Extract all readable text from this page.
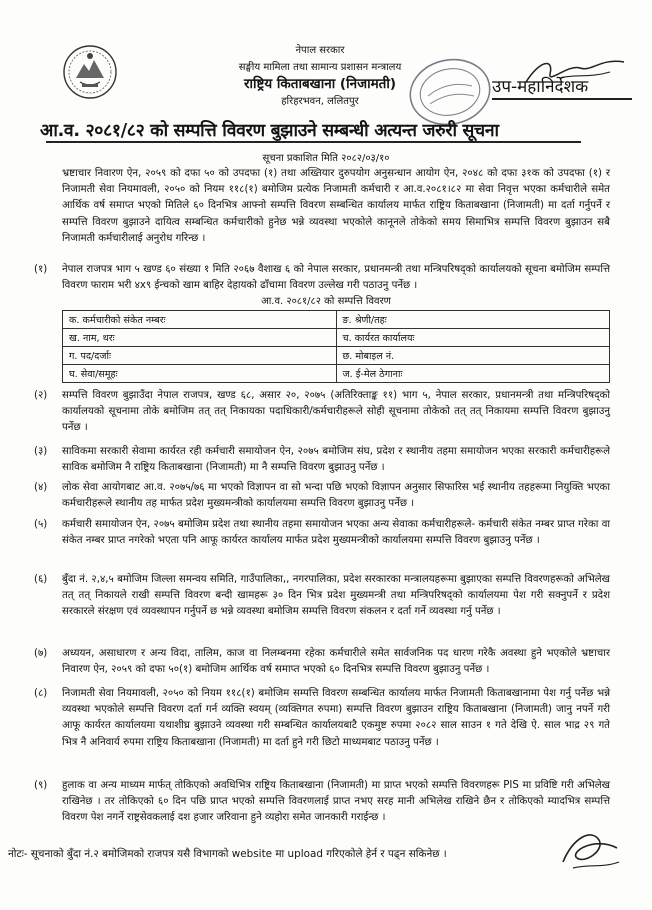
नेपाल सरकार
सङ्घीय मामिला तथा सामान्य प्रशासन मन्त्रालय
राष्ट्रिय किताबखाना (निजामती)
हरिहरभवन, ललितपुर
उप-महानिर्देशक
आ.व. २०८१/८२ को सम्पत्ति विवरण बुझाउने सम्बन्धी अत्यन्त जरुरी सूचना
सूचना प्रकाशित मिति २०८२/०३/१०
भ्रष्टाचार निवारण ऐन, २०५९ को दफा ५० को उपदफा (१) तथा अख्तियार दुरुपयोग अनुसन्धान आयोग ऐन, २०४८ को दफा ३१क को उपदफा (१) र निजामती सेवा नियमावली, २०५० को नियम ११८(१) बमोजिम प्रत्येक निजामती कर्मचारी र आ.व.२०८१।८२ मा सेवा निवृत्त भएका कर्मचारीले समेत आर्थिक वर्ष समाप्त भएको मितिले ६० दिनभित्र आफ्नो सम्पत्ति विवरण सम्बन्धित कार्यालय मार्फत राष्ट्रिय किताबखाना (निजामती) मा दर्ता गर्नुपर्ने र सम्पत्ति विवरण बुझाउने दायित्व सम्बन्धित कर्मचारीको हुनेछ भन्ने व्यवस्था भएकोले कानूनले तोकेको समय सिमाभित्र सम्पत्ति विवरण बुझाउन सबै निजामती कर्मचारीलाई अनुरोध गरिन्छ ।
(१) नेपाल राजपत्र भाग ५ खण्ड ६० संख्या १ मिति २०६७ वैशाख ६ को नेपाल सरकार, प्रधानमन्त्री तथा मन्त्रिपरिषद्को कार्यालयको सूचना बमोजिम सम्पत्ति विवरण फाराम भरी ४x९ ईन्चको खाम बाहिर देहायको ढाँचामा विवरण उल्लेख गरी पठाउनु पर्नेछ ।
आ.व. २०८१/८२ को सम्पत्ति विवरण
क. कर्मचारीको संकेत नम्बरः	ङ. श्रेणी/तहः
ख. नाम, थरः	च. कार्यरत कार्यालयः
ग. पद/दर्जाः	छ. मोबाइल नं.
घ. सेवा/समूहः	ज. ई-मेल ठेगानाः
(२) सम्पत्ति विवरण बुझाउँदा नेपाल राजपत्र, खण्ड ६८, असार २०, २०७५ (अतिरिक्ताङ्क ११) भाग ५, नेपाल सरकार, प्रधानमन्त्री तथा मन्त्रिपरिषद्को कार्यालयको सूचनामा तोके बमोजिम तत् तत् निकायका पदाधिकारी/कर्मचारीहरूले सोही सूचनामा तोकेको तत् तत् निकायमा सम्पत्ति विवरण बुझाउनु पर्नेछ ।
(३) साविकमा सरकारी सेवामा कार्यरत रही कर्मचारी समायोजन ऐन, २०७५ बमोजिम संघ, प्रदेश र स्थानीय तहमा समायोजन भएका सरकारी कर्मचारीहरूले साविक बमोजिम नै राष्ट्रिय किताबखाना (निजामती) मा नै सम्पत्ति विवरण बुझाउनु पर्नेछ ।
(४) लोक सेवा आयोगबाट आ.व. २०७५/७६ मा भएको विज्ञापन वा सो भन्दा पछि भएको विज्ञापन अनुसार सिफारिस भई स्थानीय तहहरूमा नियुक्ति भएका कर्मचारीहरूले स्थानीय तह मार्फत प्रदेश मुख्यमन्त्रीको कार्यालयमा सम्पत्ति विवरण बुझाउनु पर्नेछ ।
(५) कर्मचारी समायोजन ऐन, २०७५ बमोजिम प्रदेश तथा स्थानीय तहमा समायोजन भएका अन्य सेवाका कर्मचारीहरूले- कर्मचारी संकेत नम्बर प्राप्त गरेका वा संकेत नम्बर प्राप्त नगरेको भएता पनि आफू कार्यरत कार्यालय मार्फत प्रदेश मुख्यमन्त्रीको कार्यालयमा सम्पत्ति विवरण बुझाउनु पर्नेछ ।
(६) बुँदा नं. २,४,५ बमोजिम जिल्ला समन्वय समिति, गाउँपालिका,, नगरपालिका, प्रदेश सरकारका मन्त्रालयहरूमा बुझाएका सम्पत्ति विवरणहरूको अभिलेख तत् तत् निकायले राखी सम्पत्ति विवरण बन्दी खामहरू ३० दिन भित्र प्रदेश मुख्यमन्त्री तथा मन्त्रिपरिषद्को कार्यालयमा पेश गरी सक्नुपर्ने र प्रदेश सरकारले संरक्षण एवं व्यवस्थापन गर्नुपर्ने छ भन्ने व्यवस्था बमोजिम सम्पत्ति विवरण संकलन र दर्ता गर्ने व्यवस्था गर्नु पर्नेछ ।
(७) अध्ययन, असाधारण र अन्य विदा, तालिम, काज वा निलम्बनमा रहेका कर्मचारीले समेत सार्वजनिक पद धारण गरेकै अवस्था हुने भएकोले भ्रष्टाचार निवारण ऐन, २०५९ को दफा ५०(१) बमोजिम आर्थिक वर्ष समाप्त भएको ६० दिनभित्र सम्पत्ति विवरण बुझाउनु पर्नेछ ।
(८) निजामती सेवा नियमावली, २०५० को नियम ११८(१) बमोजिम सम्पत्ति विवरण सम्बन्धित कार्यालय मार्फत निजामती किताबखानामा पेश गर्नु पर्नेछ भन्ने व्यवस्था भएकोले सम्पत्ति विवरण दर्ता गर्न व्यक्ति स्वयम् (व्यक्तिगत रुपमा) सम्पत्ति विवरण बुझाउन राष्ट्रिय किताबखाना (निजामती) जानु नपर्ने गरी आफू कार्यरत कार्यालयमा यथाशीघ्र बुझाउने व्यवस्था गरी सम्बन्धित कार्यालयबाटै एकमुष्ट रुपमा २०८२ साल साउन १ गते देखि ऐ. साल भाद्र २९ गते भित्र नै अनिवार्य रुपमा राष्ट्रिय किताबखाना (निजामती) मा दर्ता हुने गरी छिटो माध्यमबाट पठाउनु पर्नेछ ।
(९) हुलाक वा अन्य माध्यम मार्फत् तोकिएको अवधिभित्र राष्ट्रिय किताबखाना (निजामती) मा प्राप्त भएको सम्पत्ति विवरणहरू PIS मा प्रविष्टि गरी अभिलेख राखिनेछ । तर तोकिएको ६० दिन पछि प्राप्त भएको सम्पत्ति विवरणलाई प्राप्त नभए सरह मानी अभिलेख राखिने छैन र तोकिएको म्यादभित्र सम्पत्ति विवरण पेश नगर्ने राष्ट्रसेवकलाई दश हजार जरिवाना हुने व्यहोरा समेत जानकारी गराईन्छ ।
नोटः- सूचनाको बुँदा नं.२ बमोजिमको राजपत्र यसै विभागको website मा upload गरिएकोले हेर्न र पढ्न सकिनेछ ।
